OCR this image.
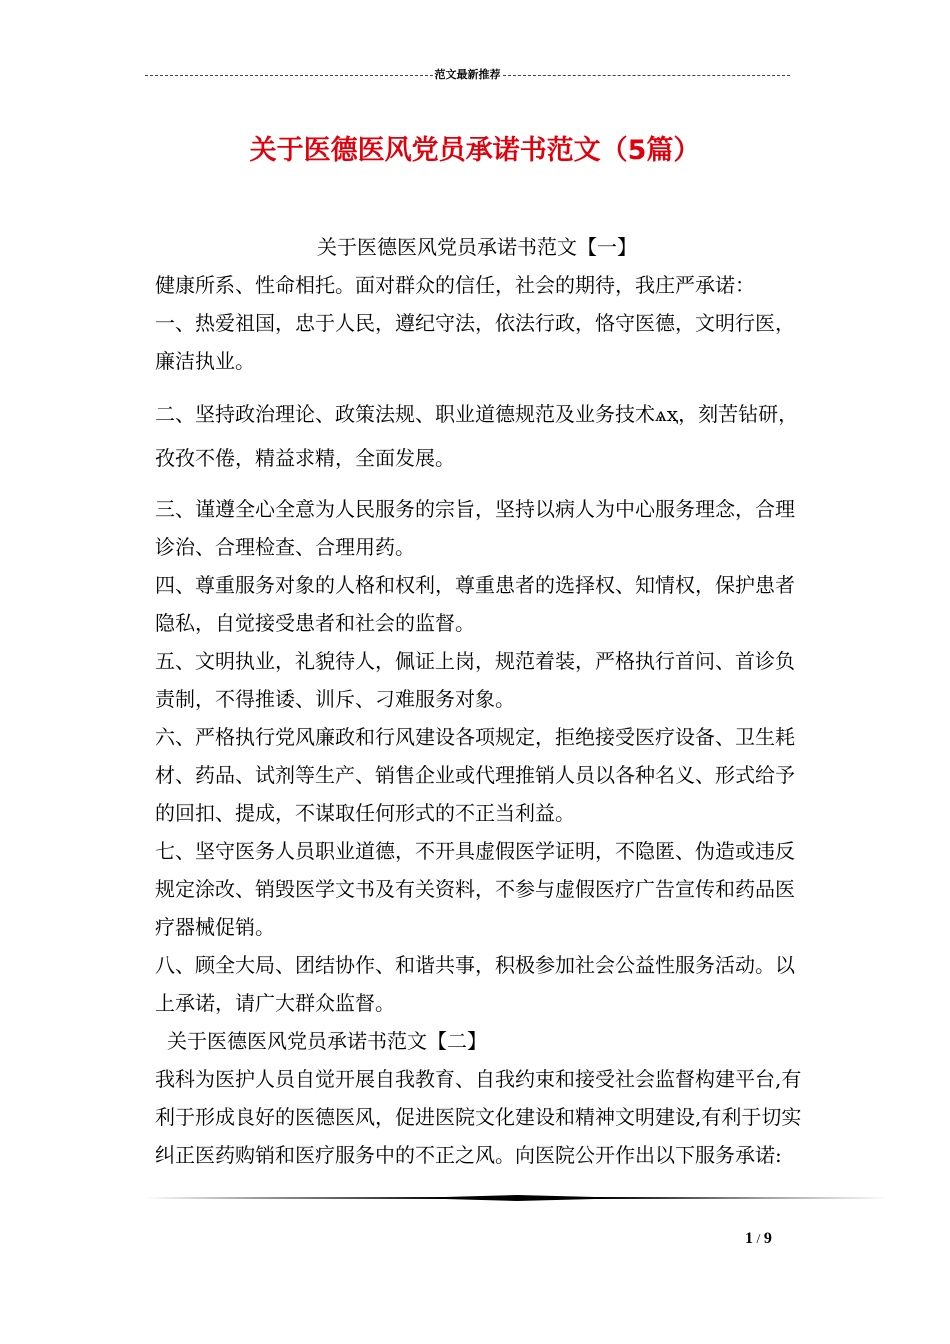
范文最新推荐
关于医德医风党员承诺书范文（5篇）

关于医德医风党员承诺书范文【一】

健康所系、性命相托。面对群众的信任，社会的期待，我庄严承诺：

一、热爱祖国，忠于人民，遵纪守法，依法行政，恪守医德，文明行医，廉洁执业。

二、坚持政治理论、政策法规、职业道德规范及业务技术ѧҳ，刻苦钻研，孜孜不倦，精益求精，全面发展。

三、谨遵全心全意为人民服务的宗旨，坚持以病人为中心服务理念，合理诊治、合理检查、合理用药。

四、尊重服务对象的人格和权利，尊重患者的选择权、知情权，保护患者隐私，自觉接受患者和社会的监督。

五、文明执业，礼貌待人，佩证上岗，规范着装，严格执行首问、首诊负责制，不得推诿、训斥、刁难服务对象。

六、严格执行党风廉政和行风建设各项规定，拒绝接受医疗设备、卫生耗材、药品、试剂等生产、销售企业或代理推销人员以各种名义、形式给予的回扣、提成，不谋取任何形式的不正当利益。

七、坚守医务人员职业道德，不开具虚假医学证明，不隐匿、伪造或违反规定涂改、销毁医学文书及有关资料，不参与虚假医疗广告宣传和药品医疗器械促销。

八、顾全大局、团结协作、和谐共事，积极参加社会公益性服务活动。以上承诺，请广大群众监督。

关于医德医风党员承诺书范文【二】

我科为医护人员自觉开展自我教育、自我约束和接受社会监督构建平台,有利于形成良好的医德医风，促进医院文化建设和精神文明建设,有利于切实纠正医药购销和医疗服务中的不正之风。向医院公开作出以下服务承诺:

1 / 9
